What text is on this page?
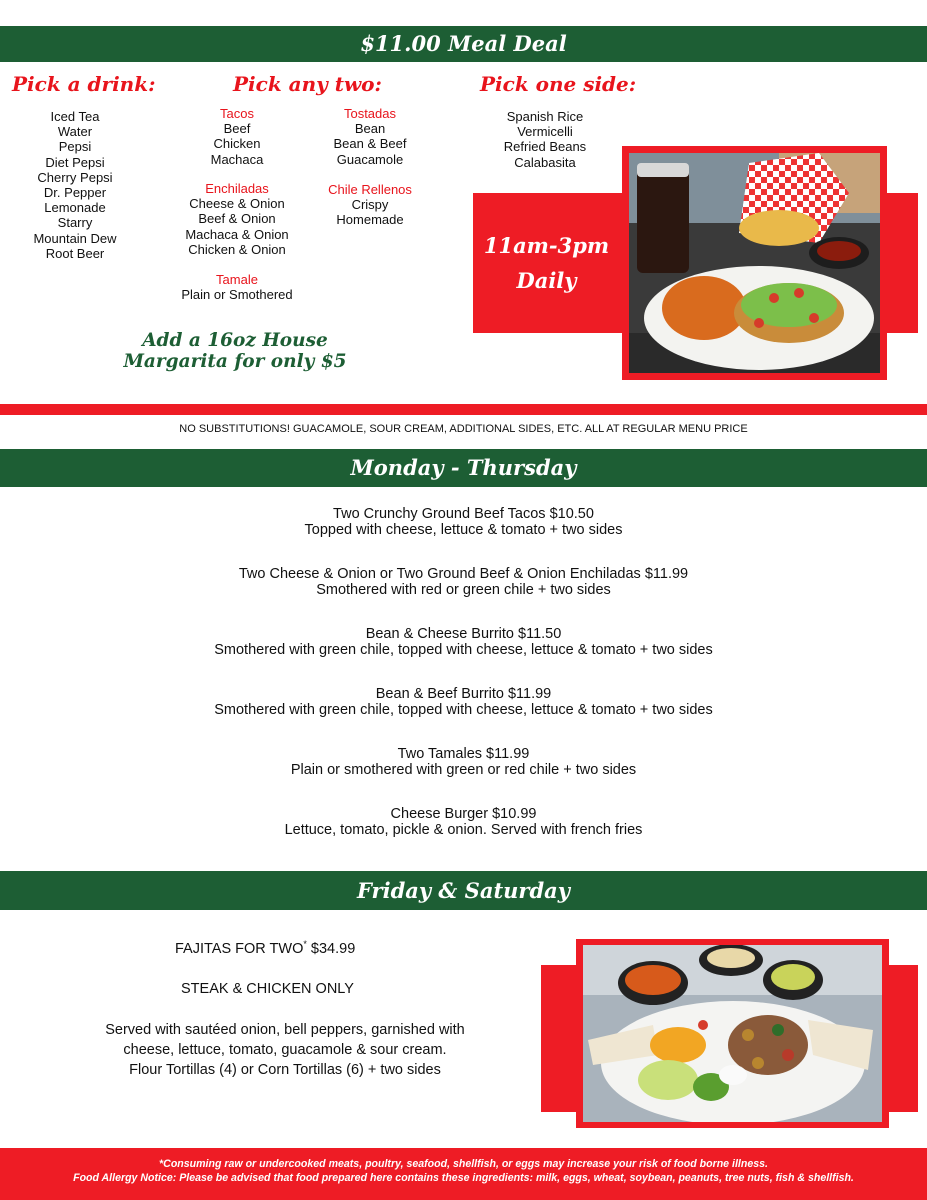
$11.00 Meal Deal
Pick a drink:
Iced Tea
Water
Pepsi
Diet Pepsi
Cherry Pepsi
Dr. Pepper
Lemonade
Starry
Mountain Dew
Root Beer
Pick any two:
Tacos
Beef
Chicken
Machaca
Enchiladas
Cheese & Onion
Beef & Onion
Machaca & Onion
Chicken & Onion
Tamale
Plain or Smothered
Tostadas
Bean
Bean & Beef
Guacamole
Chile Rellenos
Crispy
Homemade
Add a 16oz House
Margarita for only $5
Pick one side:
Spanish Rice
Vermicelli
Refried Beans
Calabasita
11am-3pm
Daily
NO SUBSTITUTIONS! GUACAMOLE, SOUR CREAM, ADDITIONAL SIDES, ETC. ALL AT REGULAR MENU PRICE
Monday - Thursday
Two Crunchy Ground Beef Tacos $10.50
Topped with cheese, lettuce & tomato + two sides
Two Cheese & Onion or Two Ground Beef & Onion Enchiladas $11.99
Smothered with red or green chile + two sides
Bean & Cheese Burrito $11.50
Smothered with green chile, topped with cheese, lettuce & tomato + two sides
Bean & Beef Burrito $11.99
Smothered with green chile, topped with cheese, lettuce & tomato + two sides
Two Tamales $11.99
Plain or smothered with green or red chile + two sides
Cheese Burger $10.99
Lettuce, tomato, pickle & onion. Served with french fries
Friday & Saturday
FAJITAS FOR TWO* $34.99
STEAK & CHICKEN ONLY
Served with sautéed onion, bell peppers, garnished with
cheese, lettuce, tomato, guacamole & sour cream.
Flour Tortillas (4) or Corn Tortillas (6) + two sides
*Consuming raw or undercooked meats, poultry, seafood, shellfish, or eggs may increase your risk of food borne illness.
Food Allergy Notice: Please be advised that food prepared here contains these ingredients: milk, eggs, wheat, soybean, peanuts, tree nuts, fish & shellfish.
